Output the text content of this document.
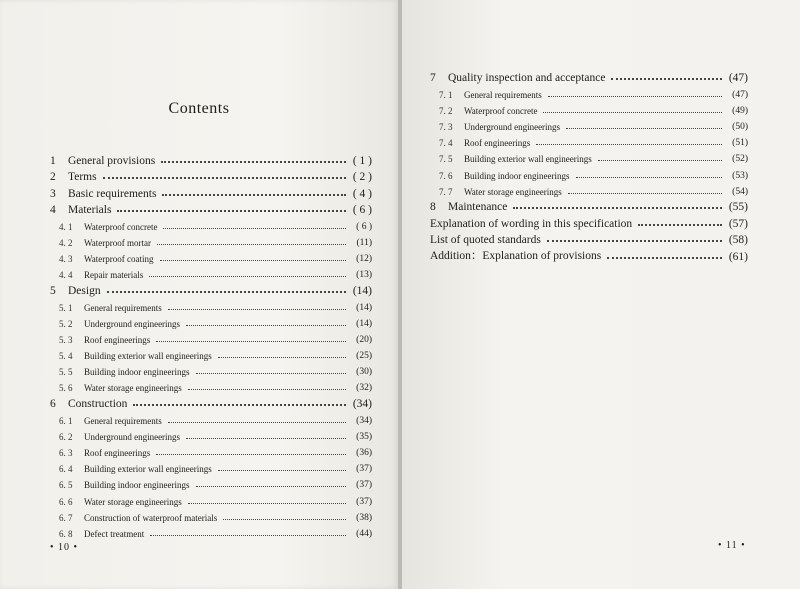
Contents
1	General provisions	( 1 )
2	Terms	( 2 )
3	Basic requirements	( 4 )
4	Materials	( 6 )
4. 1	Waterproof concrete	( 6 )
4. 2	Waterproof mortar	(11)
4. 3	Waterproof coating	(12)
4. 4	Repair materials	(13)
5	Design	(14)
5. 1	General requirements	(14)
5. 2	Underground engineerings	(14)
5. 3	Roof engineerings	(20)
5. 4	Building exterior wall engineerings	(25)
5. 5	Building indoor engineerings	(30)
5. 6	Water storage engineerings	(32)
6	Construction	(34)
6. 1	General requirements	(34)
6. 2	Underground engineerings	(35)
6. 3	Roof engineerings	(36)
6. 4	Building exterior wall engineerings	(37)
6. 5	Building indoor engineerings	(37)
6. 6	Water storage engineerings	(37)
6. 7	Construction of waterproof materials	(38)
6. 8	Defect treatment	(44)
• 10 •
7	Quality inspection and acceptance	(47)
7. 1	General requirements	(47)
7. 2	Waterproof concrete	(49)
7. 3	Underground engineerings	(50)
7. 4	Roof engineerings	(51)
7. 5	Building exterior wall engineerings	(52)
7. 6	Building indoor engineerings	(53)
7. 7	Water storage engineerings	(54)
8	Maintenance	(55)
Explanation of wording in this specification	(57)
List of quoted standards	(58)
Addition：Explanation of provisions	(61)
• 11 •
